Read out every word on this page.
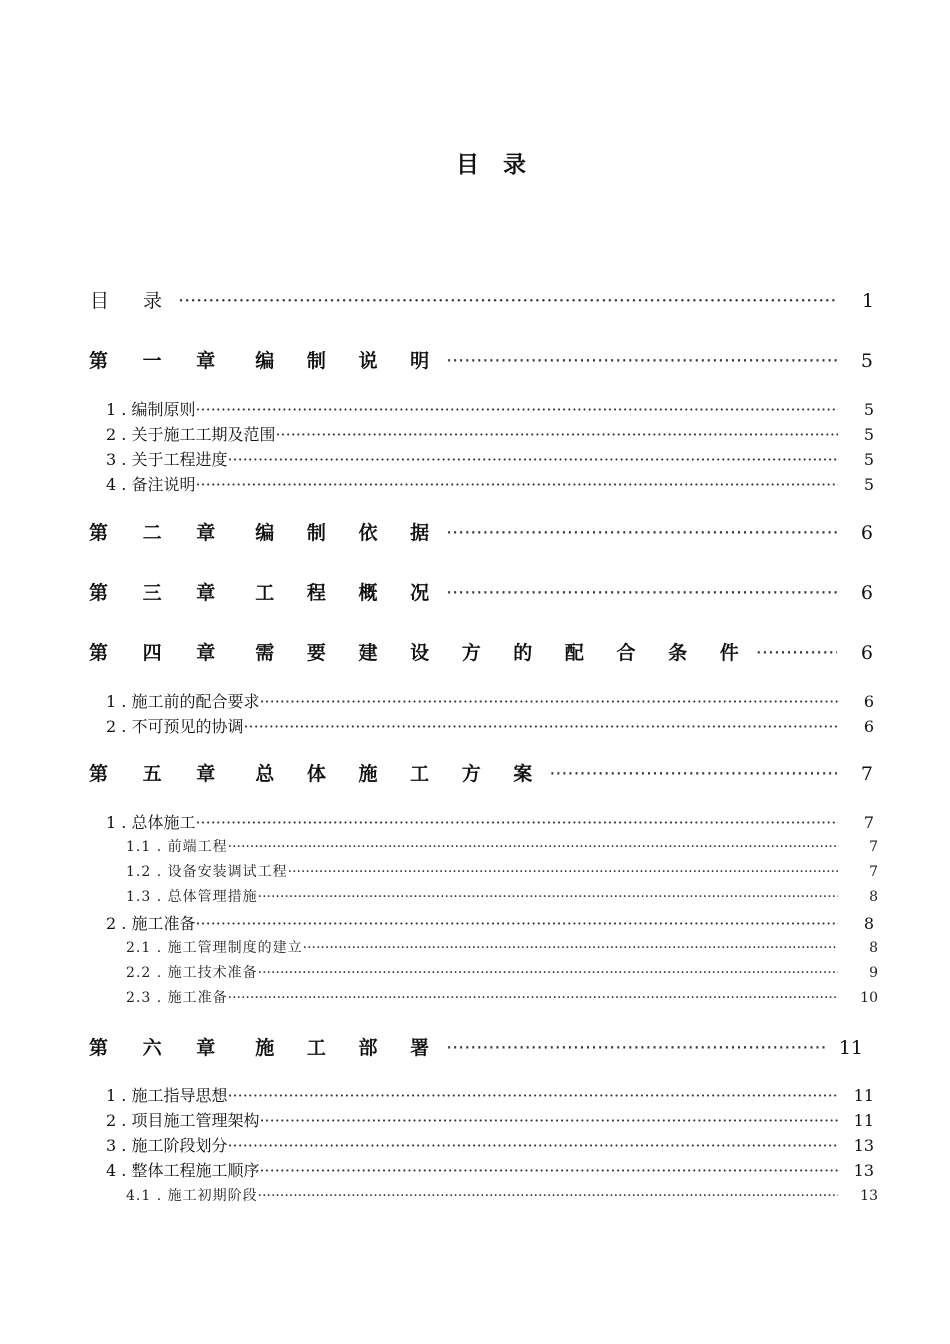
目 录
目 录 ·····	1
第 一 章 编 制 说 明 ·····	5
1 . 编制原则 ·····	5
2 . 关于施工工期及范围 ·····	5
3 . 关于工程进度 ·····	5
4 . 备注说明 ·····	5
第 二 章 编 制 依 据 ·····	6
第 三 章 工 程 概 况 ·····	6
第 四 章 需 要 建 设 方 的 配 合 条 件 ·····	6
1 . 施工前的配合要求 ·····	6
2 . 不可预见的协调 ·····	6
第 五 章 总 体 施 工 方 案 ·····	7
1 . 总体施工 ·····	7
1.1 . 前端工程 ·····	7
1.2 . 设备安装调试工程 ·····	7
1.3 . 总体管理措施 ·····	8
2 . 施工准备 ·····	8
2.1 . 施工管理制度的建立 ·····	8
2.2 . 施工技术准备 ·····	9
2.3 . 施工准备 ·····	10
第 六 章 施 工 部 署 ·····	11
1 . 施工指导思想 ·····	11
2 . 项目施工管理架构 ·····	11
3 . 施工阶段划分 ·····	13
4 . 整体工程施工顺序 ·····	13
4.1 . 施工初期阶段 ·····	13
